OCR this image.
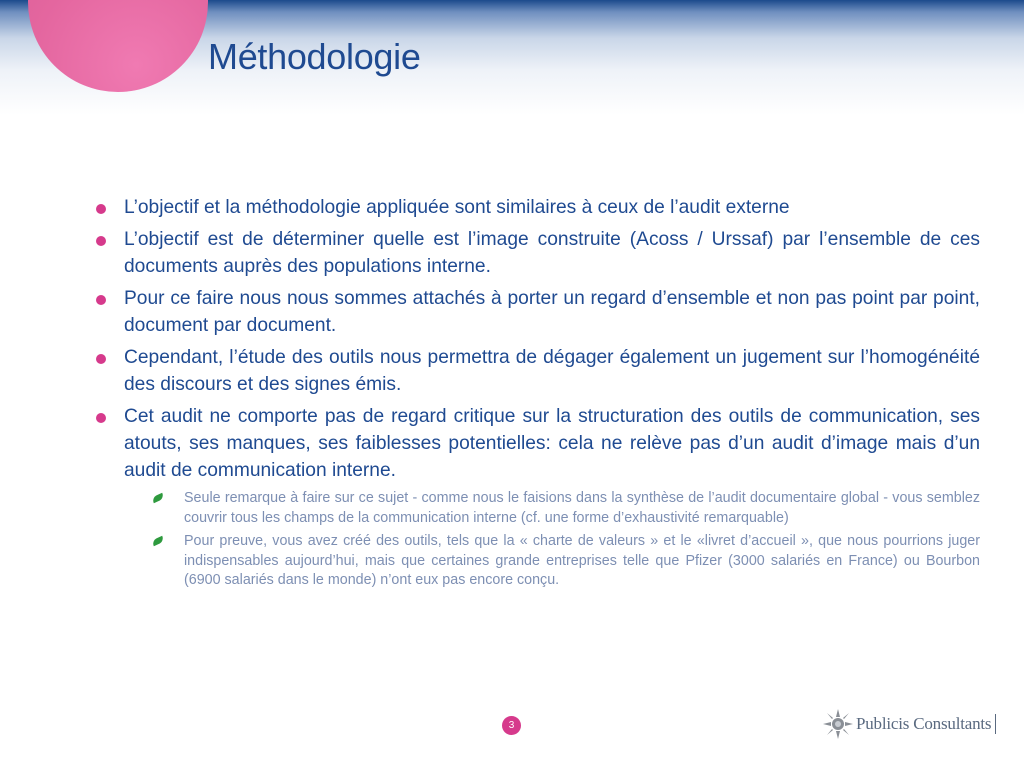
Méthodologie
L’objectif et la méthodologie appliquée sont similaires à ceux de l’audit externe
L’objectif est de déterminer quelle est l’image construite (Acoss / Urssaf) par l’ensemble de ces documents auprès des populations interne.
Pour ce faire nous nous sommes attachés à porter un regard d’ensemble et non pas point par point, document par document.
Cependant, l’étude des outils nous permettra de dégager également un jugement sur l’homogénéité des discours et des signes émis.
Cet audit ne comporte pas de regard critique sur la structuration des outils de communication, ses atouts, ses manques, ses faiblesses potentielles: cela ne relève pas d’un audit d’image mais d’un audit de communication interne.
Seule remarque à faire sur ce sujet - comme nous le faisions dans la synthèse de l’audit documentaire global - vous semblez couvrir tous les champs de la communication interne (cf. une forme d’exhaustivité remarquable)
Pour preuve, vous avez créé des outils, tels que la « charte de valeurs » et le «livret d’accueil », que nous pourrions juger indispensables aujourd’hui, mais que certaines grande entreprises telle que Pfizer (3000 salariés en France) ou Bourbon (6900 salariés dans le monde) n’ont eux pas encore conçu.
3	Publicis Consultants
